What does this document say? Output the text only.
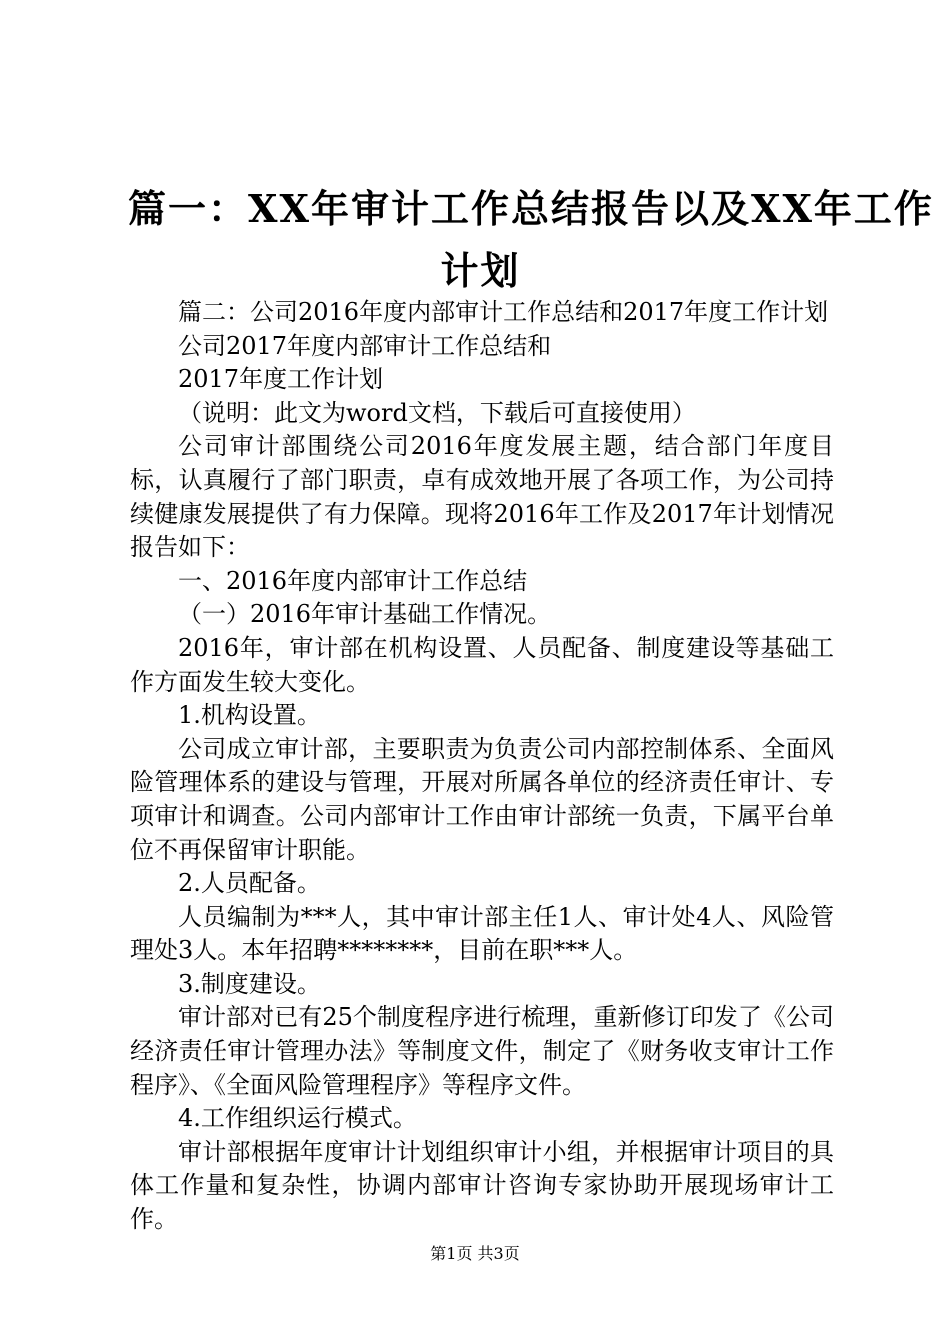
篇一：XX年审计工作总结报告以及XX年工作
计划

篇二：公司2016年度内部审计工作总结和2017年度工作计划

公司2017年度内部审计工作总结和

2017年度工作计划

（说明：此文为word文档，下载后可直接使用）

公司审计部围绕公司2016年度发展主题，结合部门年度目标，认真履行了部门职责，卓有成效地开展了各项工作，为公司持续健康发展提供了有力保障。现将2016年工作及2017年计划情况报告如下：

一、2016年度内部审计工作总结

（一）2016年审计基础工作情况。

2016年，审计部在机构设置、人员配备、制度建设等基础工作方面发生较大变化。

1.机构设置。

公司成立审计部，主要职责为负责公司内部控制体系、全面风险管理体系的建设与管理，开展对所属各单位的经济责任审计、专项审计和调查。公司内部审计工作由审计部统一负责，下属平台单位不再保留审计职能。

2.人员配备。

人员编制为***人，其中审计部主任1人、审计处4人、风险管理处3人。本年招聘********，目前在职***人。

3.制度建设。

审计部对已有25个制度程序进行梳理，重新修订印发了《公司经济责任审计管理办法》等制度文件，制定了《财务收支审计工作程序》、《全面风险管理程序》等程序文件。

4.工作组织运行模式。

审计部根据年度审计计划组织审计小组，并根据审计项目的具体工作量和复杂性，协调内部审计咨询专家协助开展现场审计工作。

第1页 共3页
